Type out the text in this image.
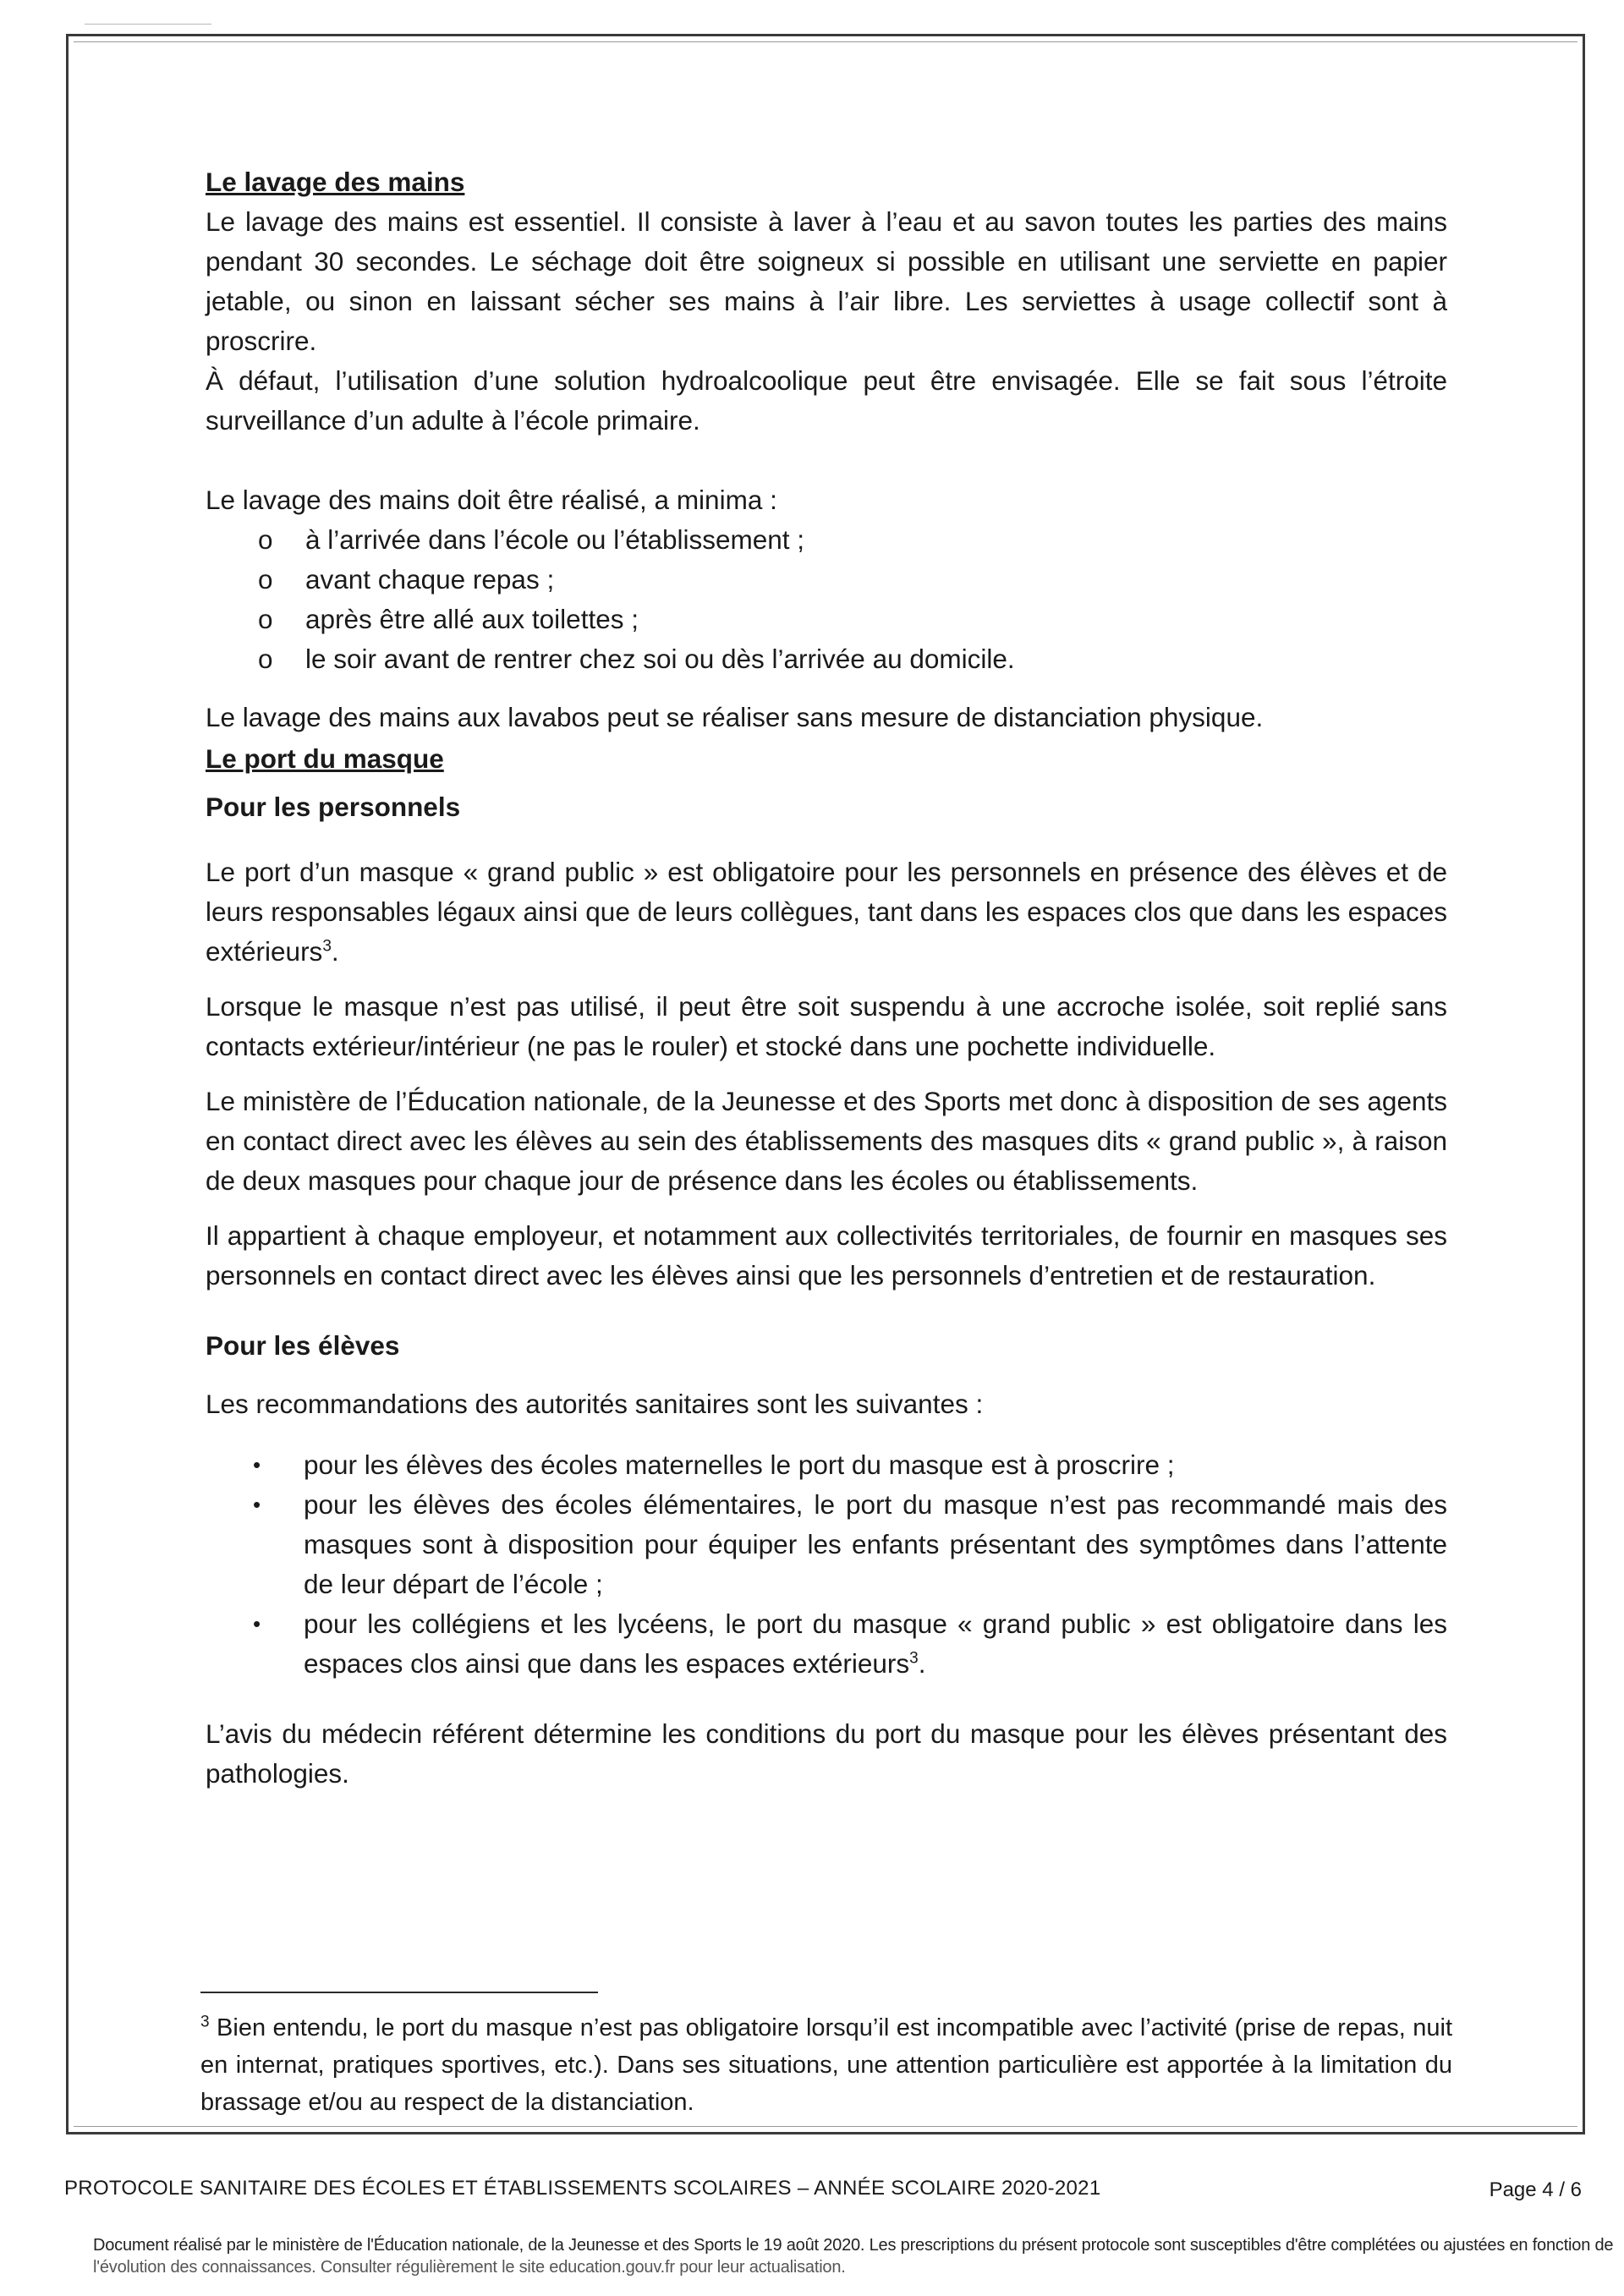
Le lavage des mains

Le lavage des mains est essentiel. Il consiste à laver à l’eau et au savon toutes les parties des mains pendant 30 secondes. Le séchage doit être soigneux si possible en utilisant une serviette en papier jetable, ou sinon en laissant sécher ses mains à l’air libre. Les serviettes à usage collectif sont à proscrire.

À défaut, l’utilisation d’une solution hydroalcoolique peut être envisagée. Elle se fait sous l’étroite surveillance d’un adulte à l’école primaire.

Le lavage des mains doit être réalisé, a minima :

o à l’arrivée dans l’école ou l’établissement ;
o avant chaque repas ;
o après être allé aux toilettes ;
o le soir avant de rentrer chez soi ou dès l’arrivée au domicile.

Le lavage des mains aux lavabos peut se réaliser sans mesure de distanciation physique.

Le port du masque

Pour les personnels

Le port d’un masque « grand public » est obligatoire pour les personnels en présence des élèves et de leurs responsables légaux ainsi que de leurs collègues, tant dans les espaces clos que dans les espaces extérieurs$^3$.

Lorsque le masque n’est pas utilisé, il peut être soit suspendu à une accroche isolée, soit replié sans contacts extérieur/intérieur (ne pas le rouler) et stocké dans une pochette individuelle.

Le ministère de l’Éducation nationale, de la Jeunesse et des Sports met donc à disposition de ses agents en contact direct avec les élèves au sein des établissements des masques dits « grand public », à raison de deux masques pour chaque jour de présence dans les écoles ou établissements.

Il appartient à chaque employeur, et notamment aux collectivités territoriales, de fournir en masques ses personnels en contact direct avec les élèves ainsi que les personnels d’entretien et de restauration.

Pour les élèves

Les recommandations des autorités sanitaires sont les suivantes :

• pour les élèves des écoles maternelles le port du masque est à proscrire ;
• pour les élèves des écoles élémentaires, le port du masque n’est pas recommandé mais des masques sont à disposition pour équiper les enfants présentant des symptômes dans l’attente de leur départ de l’école ;
• pour les collégiens et les lycéens, le port du masque « grand public » est obligatoire dans les espaces clos ainsi que dans les espaces extérieurs$^3$.

L’avis du médecin référent détermine les conditions du port du masque pour les élèves présentant des pathologies.

$^3$ Bien entendu, le port du masque n’est pas obligatoire lorsqu’il est incompatible avec l’activité (prise de repas, nuit en internat, pratiques sportives, etc.). Dans ses situations, une attention particulière est apportée à la limitation du brassage et/ou au respect de la distanciation.
PROTOCOLE SANITAIRE DES ÉCOLES ET ÉTABLISSEMENTS SCOLAIRES – ANNÉE SCOLAIRE 2020-2021	Page 4 / 6
Document réalisé par le ministère de l'Éducation nationale, de la Jeunesse et des Sports le 19 août 2020. Les prescriptions du présent protocole sont susceptibles d'être complétées ou ajustées en fonction de
l'évolution des connaissances. Consulter régulièrement le site education.gouv.fr pour leur actualisation.
